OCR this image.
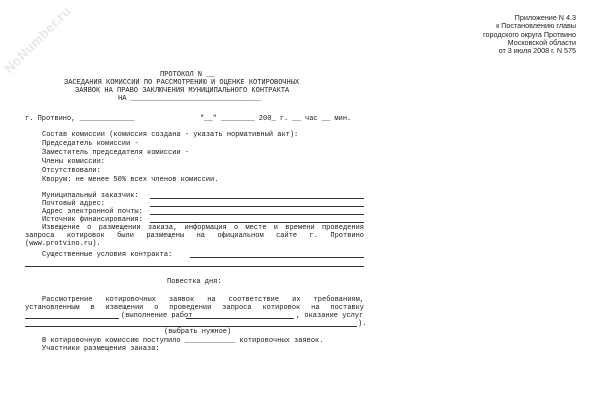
NoNumber.ru	Приложение N 4.3
к Постановлению главы
городского округа Протвино
Московской области
от 3 июля 2008 г. N 575
ПРОТОКОЛ N __
ЗАСЕДАНИЯ КОМИССИИ ПО РАССМОТРЕНИЮ И ОЦЕНКЕ КОТИРОВОЧНЫХ
ЗАЯВОК НА ПРАВО ЗАКЛЮЧЕНИЯ МУНИЦИПАЛЬНОГО КОНТРАКТА
НА _______________________________
г. Протвино, _____________	"__" ________ 200_ г. __ час __ мин.
Состав комиссии (комиссия создана - указать нормативный акт):
Председатель комиссии -
Заместитель председателя комиссии -
Члены комиссии:
Отсутствовали:
Кворум: не менее 50% всех членов комиссии.
Муниципальный заказчик:
Почтовый адрес:
Адрес электронной почты:
Источник финансирования:
Извещение о размещении заказа, информация о месте и времени проведения
запроса котировок были размещены на официальном сайте г. Протвино
(www.protvino.ru).
Существенные условия контракта:
Повестка дня:
Рассмотрение котировочных заявок на соответствие их требованиям,
установленным в извещении о проведении запроса котировок на поставку
(выполнение работ	, оказание услуг
).
(выбрать нужное)
В котировочную комиссию поступило ____________ котировочных заявок.
Участники размещения заказа:
